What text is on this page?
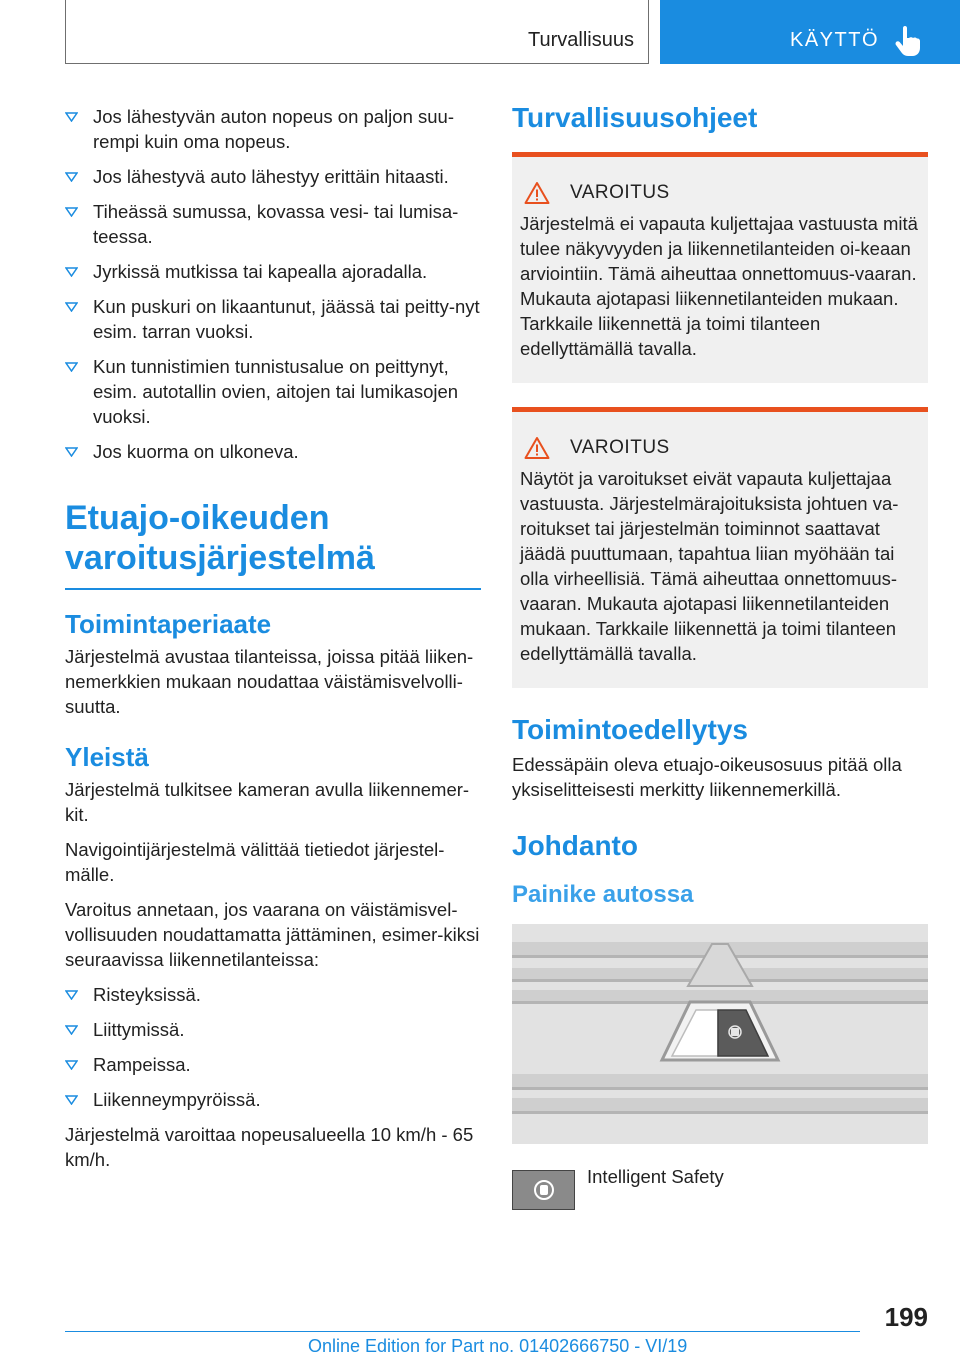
Turvallisuus	KÄYTTÖ
Jos lähestyvän auton nopeus on paljon suu-rempi kuin oma nopeus.
Jos lähestyvä auto lähestyy erittäin hitaasti.
Tiheässä sumussa, kovassa vesi- tai lumisa-teessa.
Jyrkissä mutkissa tai kapealla ajoradalla.
Kun puskuri on likaantunut, jäässä tai peitty-nyt esim. tarran vuoksi.
Kun tunnistimien tunnistusalue on peittynyt, esim. autotallin ovien, aitojen tai lumikasojen vuoksi.
Jos kuorma on ulkoneva.
Etuajo-oikeuden varoitusjärjestelmä
Toimintaperiaate

Järjestelmä avustaa tilanteissa, joissa pitää liiken-nemerkkien mukaan noudattaa väistämisvelvolli-suutta.

Yleistä

Järjestelmä tulkitsee kameran avulla liikennemer-kit.

Navigointijärjestelmä välittää tietiedot järjestel-mälle.

Varoitus annetaan, jos vaarana on väistämisvel-vollisuuden noudattamatta jättäminen, esimer-kiksi seuraavissa liikennetilanteissa:

Risteyksissä.
Liittymissä.
Rampeissa.
Liikenneympyröissä.

Järjestelmä varoittaa nopeusalueella 10 km/h - 65 km/h.

Turvallisuusohjeet
VAROITUS

Järjestelmä ei vapauta kuljettajaa vastuusta mitä tulee näkyvyyden ja liikennetilanteiden oi-keaan arviointiin. Tämä aiheuttaa onnettomuus-vaaran. Mukauta ajotapasi liikennetilanteiden mukaan. Tarkkaile liikennettä ja toimi tilanteen edellyttämällä tavalla.

VAROITUS

Näytöt ja varoitukset eivät vapauta kuljettajaa vastuusta. Järjestelmärajoituksista johtuen va-roitukset tai järjestelmän toiminnot saattavat jäädä puuttumaan, tapahtua liian myöhään tai olla virheellisiä. Tämä aiheuttaa onnettomuus-vaaran. Mukauta ajotapasi liikennetilanteiden mukaan. Tarkkaile liikennettä ja toimi tilanteen edellyttämällä tavalla.

Toimintoedellytys

Edessäpäin oleva etuajo-oikeusosuus pitää olla yksiselitteisesti merkitty liikennemerkillä.

Johdanto
Painike autossa
Intelligent Safety
199
Online Edition for Part no. 01402666750 - VI/19
